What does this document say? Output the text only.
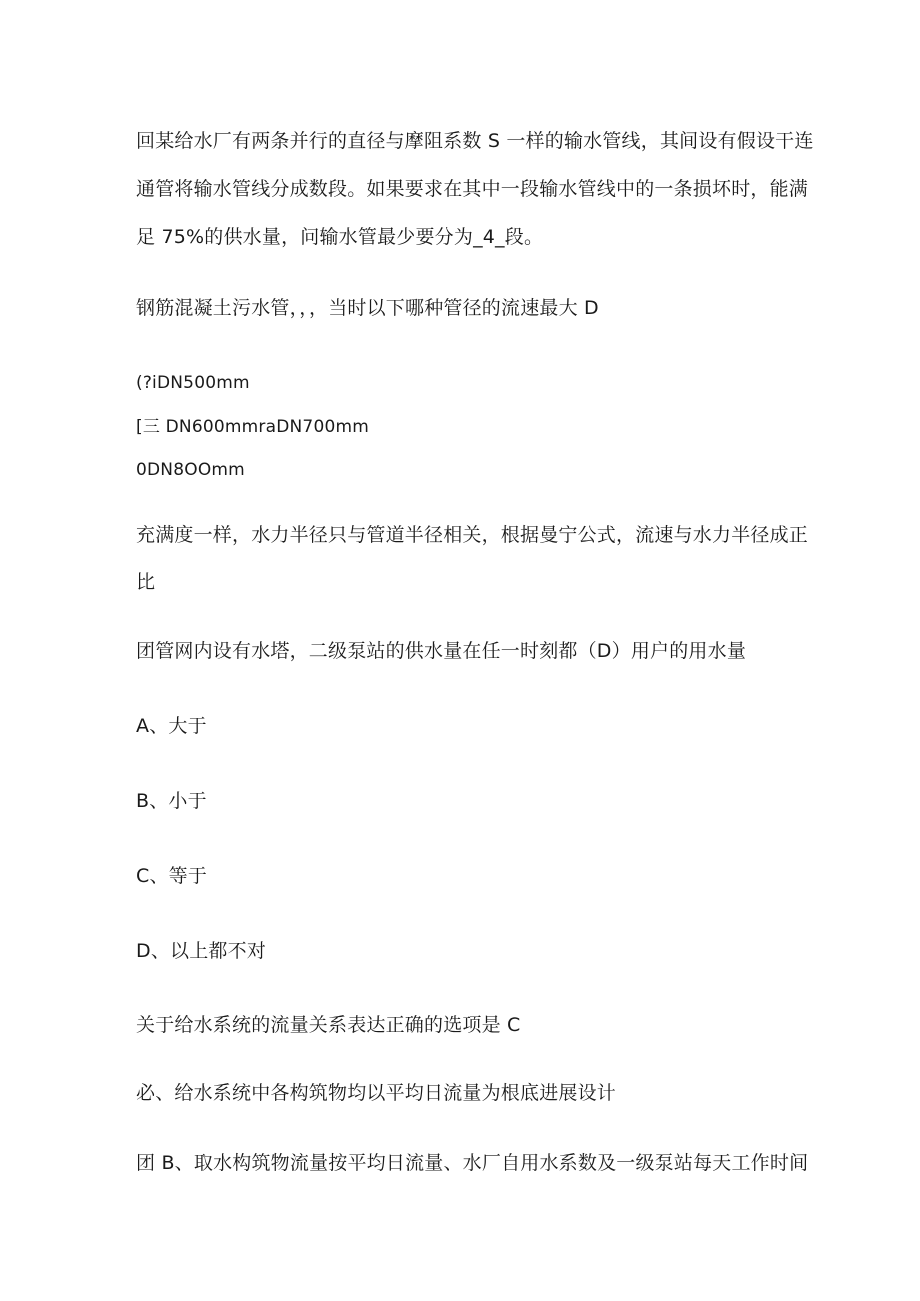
回某给水厂有两条并行的直径与摩阻系数 S 一样的输水管线，其间设有假设干连

通管将输水管线分成数段。如果要求在其中一段输水管线中的一条损坏时，能满

足 75%的供水量，问输水管最少要分为_4_段。

钢筋混凝土污水管，，，当时以下哪种管径的流速最大 D

(?iDN500mm

[三 DN600mmraDN700mm

0DN8OOmm

充满度一样，水力半径只与管道半径相关，根据曼宁公式，流速与水力半径成正

比

团管网内设有水塔，二级泵站的供水量在任一时刻都（D）用户的用水量

A、大于

B、小于

C、等于

D、以上都不对

关于给水系统的流量关系表达正确的选项是 C

必、给水系统中各构筑物均以平均日流量为根底进展设计

团 B、取水构筑物流量按平均日流量、水厂自用水系数及一级泵站每天工作时间
